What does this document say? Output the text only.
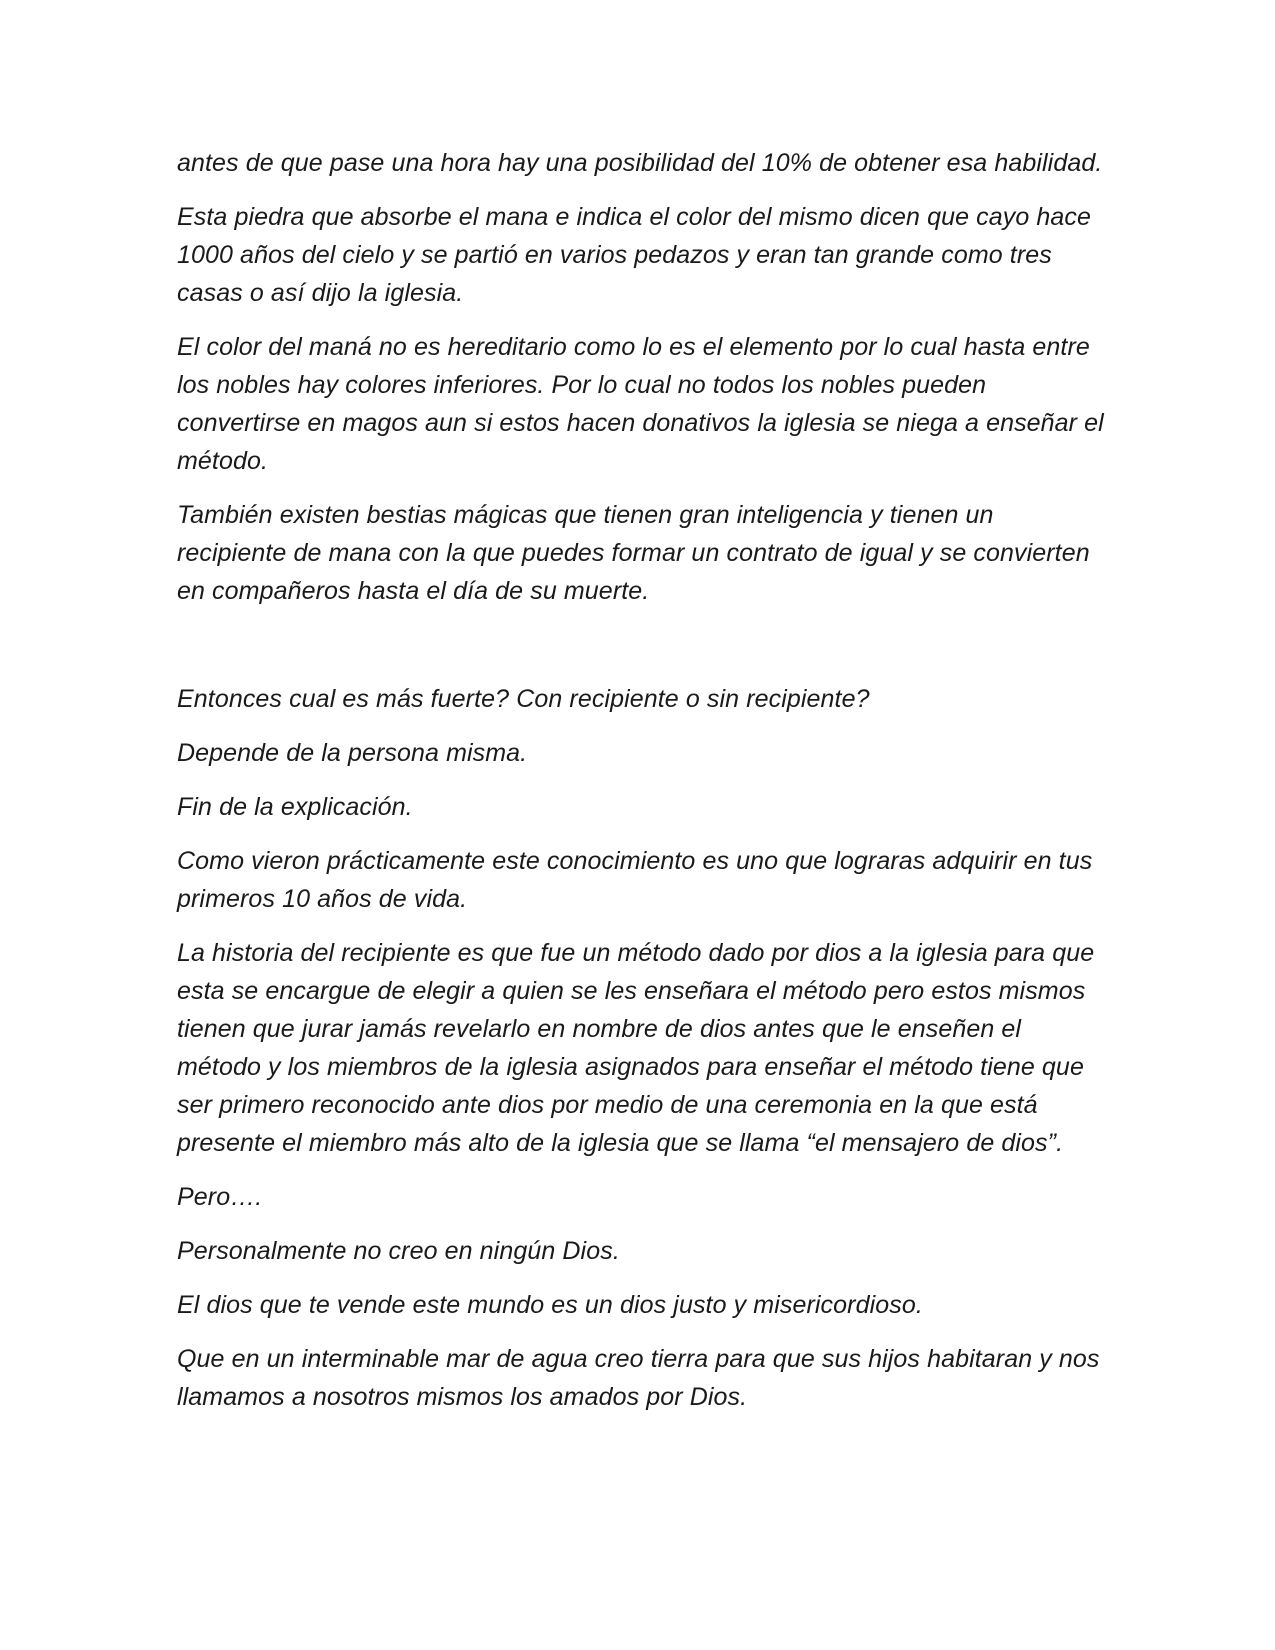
antes de que pase una hora hay una posibilidad del 10% de obtener esa habilidad.

Esta piedra que absorbe el mana e indica el color del mismo dicen que cayo hace 1000 años del cielo y se partió en varios pedazos y eran tan grande como tres casas o así dijo la iglesia.

El color del maná no es hereditario como lo es el elemento por lo cual hasta entre los nobles hay colores inferiores. Por lo cual no todos los nobles pueden convertirse en magos aun si estos hacen donativos la iglesia se niega a enseñar el método.

También existen bestias mágicas que tienen gran inteligencia y tienen un recipiente de mana con la que puedes formar un contrato de igual y se convierten en compañeros hasta el día de su muerte.

Entonces cual es más fuerte? Con recipiente o sin recipiente?

Depende de la persona misma.

Fin de la explicación.

Como vieron prácticamente este conocimiento es uno que lograras adquirir en tus primeros 10 años de vida.

La historia del recipiente es que fue un método dado por dios a la iglesia para que esta se encargue de elegir a quien se les enseñara el método pero estos mismos tienen que jurar jamás revelarlo en nombre de dios antes que le enseñen el método y los miembros de la iglesia asignados para enseñar el método tiene que ser primero reconocido ante dios por medio de una ceremonia en la que está presente el miembro más alto de la iglesia que se llama “el mensajero de dios”.

Pero….

Personalmente no creo en ningún Dios.

El dios que te vende este mundo es un dios justo y misericordioso.

Que en un interminable mar de agua creo tierra para que sus hijos habitaran y nos llamamos a nosotros mismos los amados por Dios.
